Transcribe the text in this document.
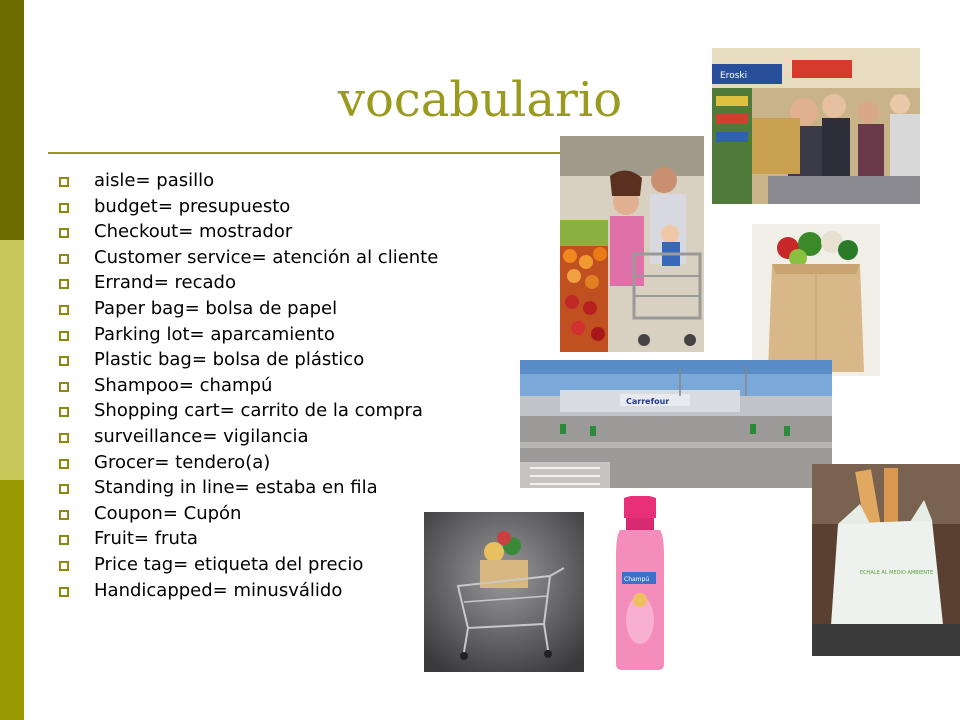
vocabulario
aisle= pasillo
budget= presupuesto
Checkout= mostrador
Customer service= atención al cliente
Errand= recado
Paper bag= bolsa de papel
Parking lot= aparcamiento
Plastic bag= bolsa de plástico
Shampoo= champú
Shopping cart= carrito de la compra
surveillance= vigilancia
Grocer= tendero(a)
Standing in line= estaba en fila
Coupon= Cupón
Fruit= fruta
Price tag= etiqueta del precio
Handicapped= minusválido
Eroski
Carrefour
ECHALE AL MEDIO AMBIENTE
Champú
